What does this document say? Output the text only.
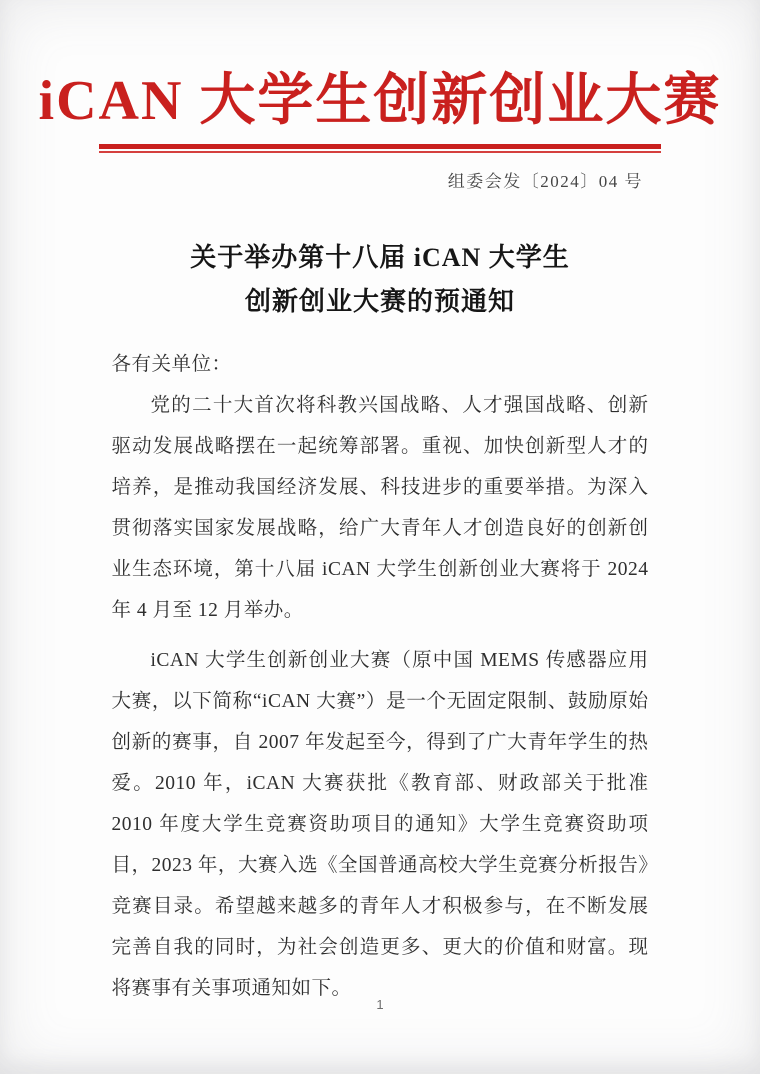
iCAN 大学生创新创业大赛
组委会发〔2024〕04 号
关于举办第十八届 iCAN 大学生
创新创业大赛的预通知

各有关单位：

党的二十大首次将科教兴国战略、人才强国战略、创新驱动发展战略摆在一起统筹部署。重视、加快创新型人才的培养，是推动我国经济发展、科技进步的重要举措。为深入贯彻落实国家发展战略，给广大青年人才创造良好的创新创业生态环境，第十八届 iCAN 大学生创新创业大赛将于 2024 年 4 月至 12 月举办。

iCAN 大学生创新创业大赛（原中国 MEMS 传感器应用大赛，以下简称“iCAN 大赛”）是一个无固定限制、鼓励原始创新的赛事，自 2007 年发起至今，得到了广大青年学生的热爱。2010 年，iCAN 大赛获批《教育部、财政部关于批准 2010 年度大学生竞赛资助项目的通知》大学生竞赛资助项目，2023 年，大赛入选《全国普通高校大学生竞赛分析报告》竞赛目录。希望越来越多的青年人才积极参与，在不断发展完善自我的同时，为社会创造更多、更大的价值和财富。现将赛事有关事项通知如下。

1
